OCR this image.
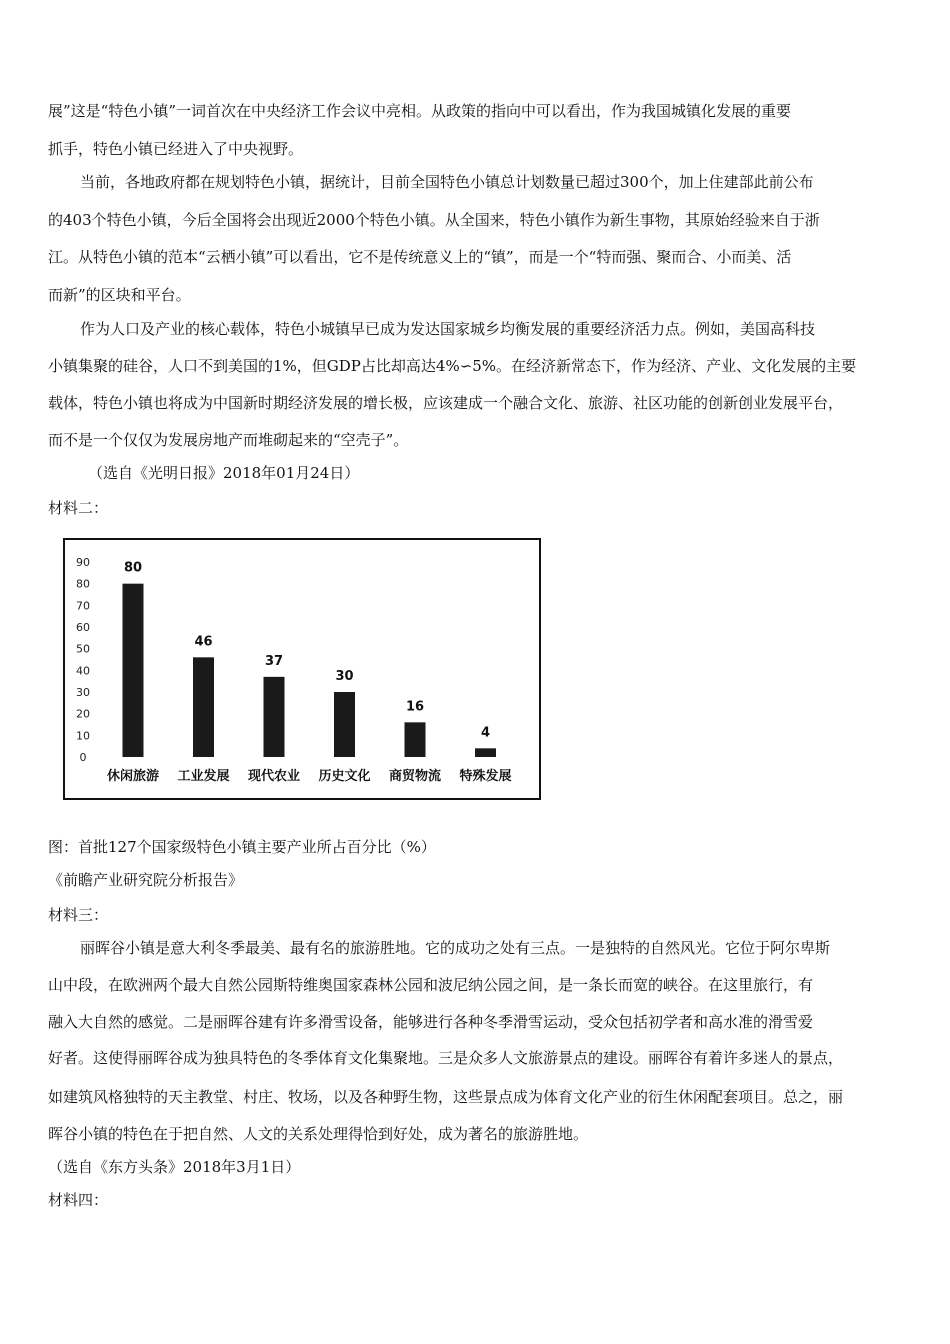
展”这是“特色小镇”一词首次在中央经济工作会议中亮相。从政策的指向中可以看出，作为我国城镇化发展的重要
抓手，特色小镇已经进入了中央视野。
当前，各地政府都在规划特色小镇，据统计，目前全国特色小镇总计划数量已超过300个，加上住建部此前公布
的403个特色小镇，今后全国将会出现近2000个特色小镇。从全国来，特色小镇作为新生事物，其原始经验来自于浙
江。从特色小镇的范本“云栖小镇”可以看出，它不是传统意义上的“镇”，而是一个“特而强、聚而合、小而美、活
而新”的区块和平台。
作为人口及产业的核心载体，特色小城镇早已成为发达国家城乡均衡发展的重要经济活力点。例如，美国高科技
小镇集聚的硅谷，人口不到美国的1%，但GDP占比却高达4%∽5%。在经济新常态下，作为经济、产业、文化发展的主要
载体，特色小镇也将成为中国新时期经济发展的增长极，应该建成一个融合文化、旅游、社区功能的创新创业发展平台，
而不是一个仅仅为发展房地产而堆砌起来的“空壳子”。
（选自《光明日报》2018年01月24日）
材料二：
0
10
20
30
40
50
60
70
80
90	80
休闲旅游
46
工业发展
37
现代农业
30
历史文化
16
商贸物流
4
特殊发展
图：首批127个国家级特色小镇主要产业所占百分比（%）
《前瞻产业研究院分析报告》
材料三：
丽晖谷小镇是意大利冬季最美、最有名的旅游胜地。它的成功之处有三点。一是独特的自然风光。它位于阿尔卑斯
山中段，在欧洲两个最大自然公园斯特维奥国家森林公园和波尼纳公园之间，是一条长而宽的峡谷。在这里旅行，有
融入大自然的感觉。二是丽晖谷建有许多滑雪设备，能够进行各种冬季滑雪运动，受众包括初学者和高水准的滑雪爱
好者。这使得丽晖谷成为独具特色的冬季体育文化集聚地。三是众多人文旅游景点的建设。丽晖谷有着许多迷人的景点，
如建筑风格独特的天主教堂、村庄、牧场，以及各种野生物，这些景点成为体育文化产业的衍生休闲配套项目。总之，丽
晖谷小镇的特色在于把自然、人文的关系处理得恰到好处，成为著名的旅游胜地。
（选自《东方头条》2018年3月1日）
材料四：
